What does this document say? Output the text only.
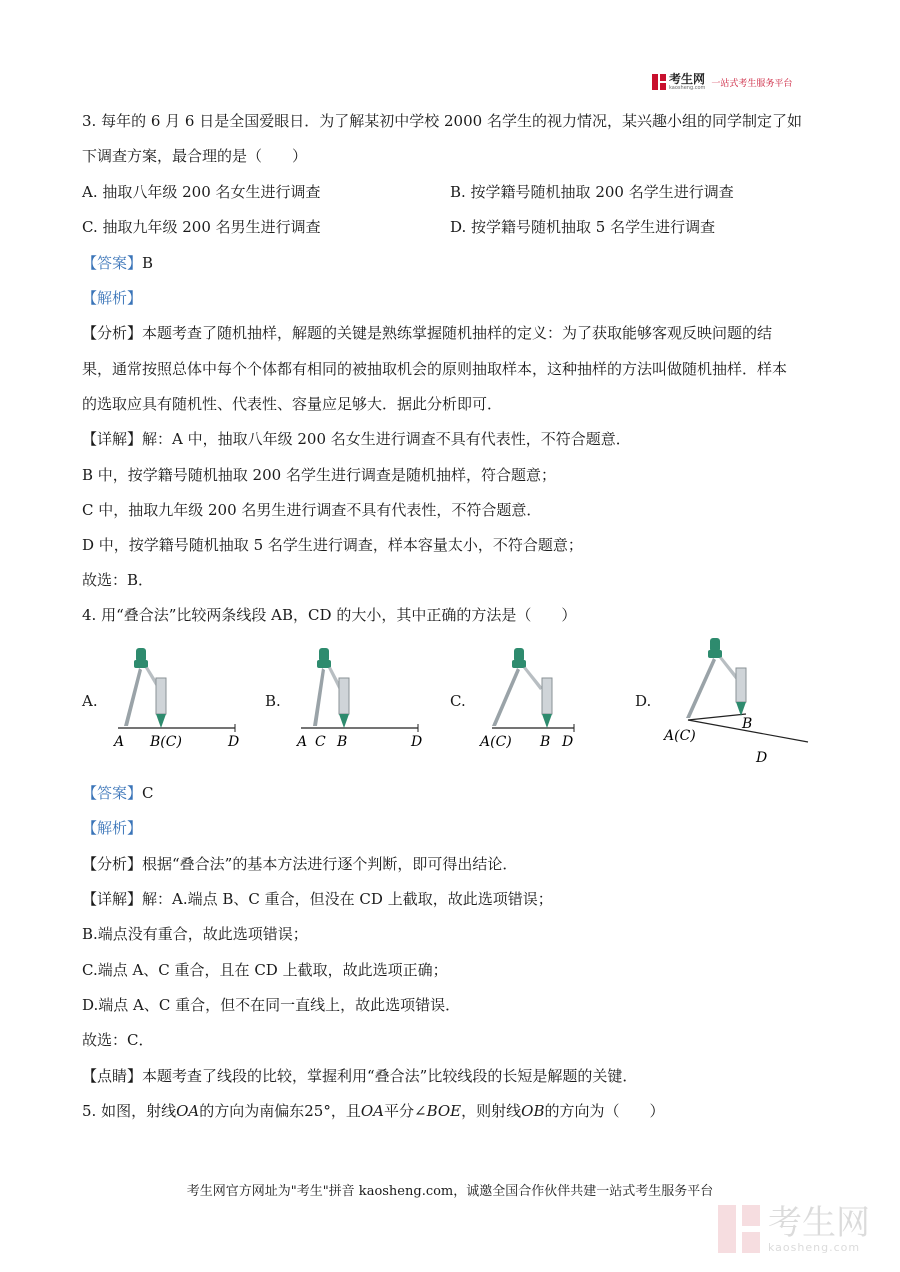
考生网
kaosheng.com 一站式考生服务平台
3. 每年的 6 月 6 日是全国爱眼日．为了解某初中学校 2000 名学生的视力情况，某兴趣小组的同学制定了如
下调查方案，最合理的是（　　）
A. 抽取八年级 200 名女生进行调查	B. 按学籍号随机抽取 200 名学生进行调查
C. 抽取九年级 200 名男生进行调查	D. 按学籍号随机抽取 5 名学生进行调查
【答案】B
【解析】
【分析】本题考查了随机抽样，解题的关键是熟练掌握随机抽样的定义：为了获取能够客观反映问题的结
果，通常按照总体中每个个体都有相同的被抽取机会的原则抽取样本，这种抽样的方法叫做随机抽样．样本
的选取应具有随机性、代表性、容量应足够大．据此分析即可．
【详解】解：A 中，抽取八年级 200 名女生进行调查不具有代表性，不符合题意．
B 中，按学籍号随机抽取 200 名学生进行调查是随机抽样，符合题意；
C 中，抽取九年级 200 名男生进行调查不具有代表性，不符合题意．
D 中，按学籍号随机抽取 5 名学生进行调查，样本容量太小，不符合题意；
故选：B．
4. 用“叠合法”比较两条线段 AB，CD 的大小，其中正确的方法是（　　）
A.
A B(C)	D
B.
A C B	D
C.
A(C) B D
D.
A(C)
B
D
【答案】C
【解析】
【分析】根据“叠合法”的基本方法进行逐个判断，即可得出结论．
【详解】解：A.端点 B、C 重合，但没在 CD 上截取，故此选项错误；
B.端点没有重合，故此选项错误；
C.端点 A、C 重合，且在 CD 上截取，故此选项正确；
D.端点 A、C 重合，但不在同一直线上，故此选项错误．
故选：C．
【点睛】本题考查了线段的比较，掌握利用“叠合法”比较线段的长短是解题的关键．
5. 如图，射线OA的方向为南偏东25°，且OA平分∠BOE，则射线OB的方向为（　　）
考生网官方网址为"考生"拼音 kaosheng.com，诚邀全国合作伙伴共建一站式考生服务平台
考生网
kaosheng.com
